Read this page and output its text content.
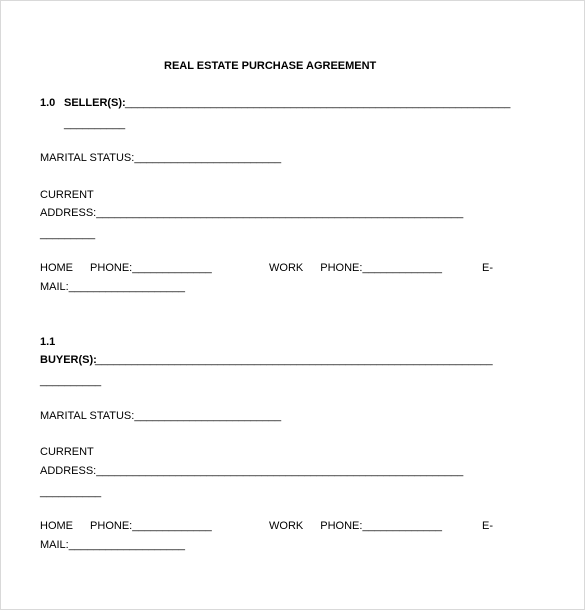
REAL ESTATE PURCHASE AGREEMENT
1.0 SELLER(S): _______________________________________________________________
__________
MARITAL STATUS:________________________
CURRENT
ADDRESS:____________________________________________________________
_________
HOME PHONE:_____________	WORK PHONE:_____________	E-
MAIL:___________________
1.1
BUYER(S):
_________________________________________________________________
__________
MARITAL STATUS:________________________
CURRENT
ADDRESS:____________________________________________________________
__________
HOME PHONE:_____________	WORK PHONE:_____________	E-
MAIL:___________________
